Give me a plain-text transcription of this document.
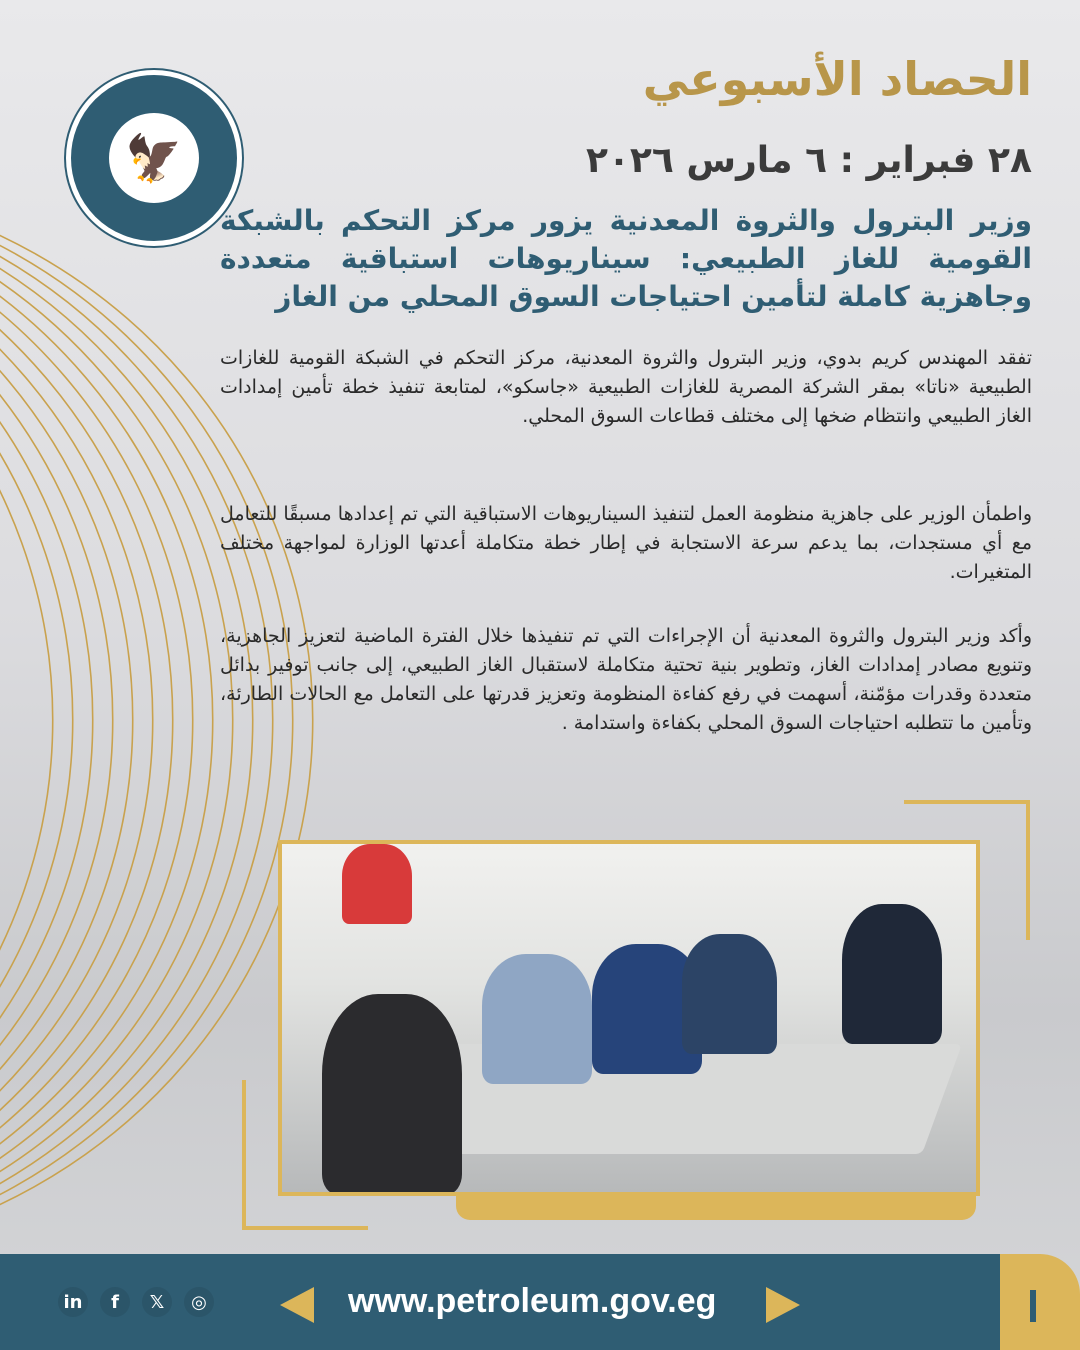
🦅
الحصاد الأسبوعي
٢٨ فبراير : ٦ مارس ٢٠٢٦
وزير البترول والثروة المعدنية يزور مركز التحكم بالشبكة القومية للغاز الطبيعي: سيناريوهات استباقية متعددة وجاهزية كاملة لتأمين احتياجات السوق المحلي من الغاز
تفقد المهندس كريم بدوي، وزير البترول والثروة المعدنية، مركز التحكم في الشبكة القومية للغازات الطبيعية «ناتا» بمقر الشركة المصرية للغازات الطبيعية «جاسكو»، لمتابعة تنفيذ خطة تأمين إمدادات الغاز الطبيعي وانتظام ضخها إلى مختلف قطاعات السوق المحلي.
واطمأن الوزير على جاهزية منظومة العمل لتنفيذ السيناريوهات الاستباقية التي تم إعدادها مسبقًا للتعامل مع أي مستجدات، بما يدعم سرعة الاستجابة في إطار خطة متكاملة أعدتها الوزارة لمواجهة مختلف المتغيرات.
وأكد وزير البترول والثروة المعدنية أن الإجراءات التي تم تنفيذها خلال الفترة الماضية لتعزيز الجاهزية، وتنويع مصادر إمدادات الغاز، وتطوير بنية تحتية متكاملة لاستقبال الغاز الطبيعي، إلى جانب توفير بدائل متعددة وقدرات مؤمّنة، أسهمت في رفع كفاءة المنظومة وتعزيز قدرتها على التعامل مع الحالات الطارئة، وتأمين ما تتطلبه احتياجات السوق المحلي بكفاءة واستدامة .
in	f	𝕏	◎	www.petroleum.gov.eg
